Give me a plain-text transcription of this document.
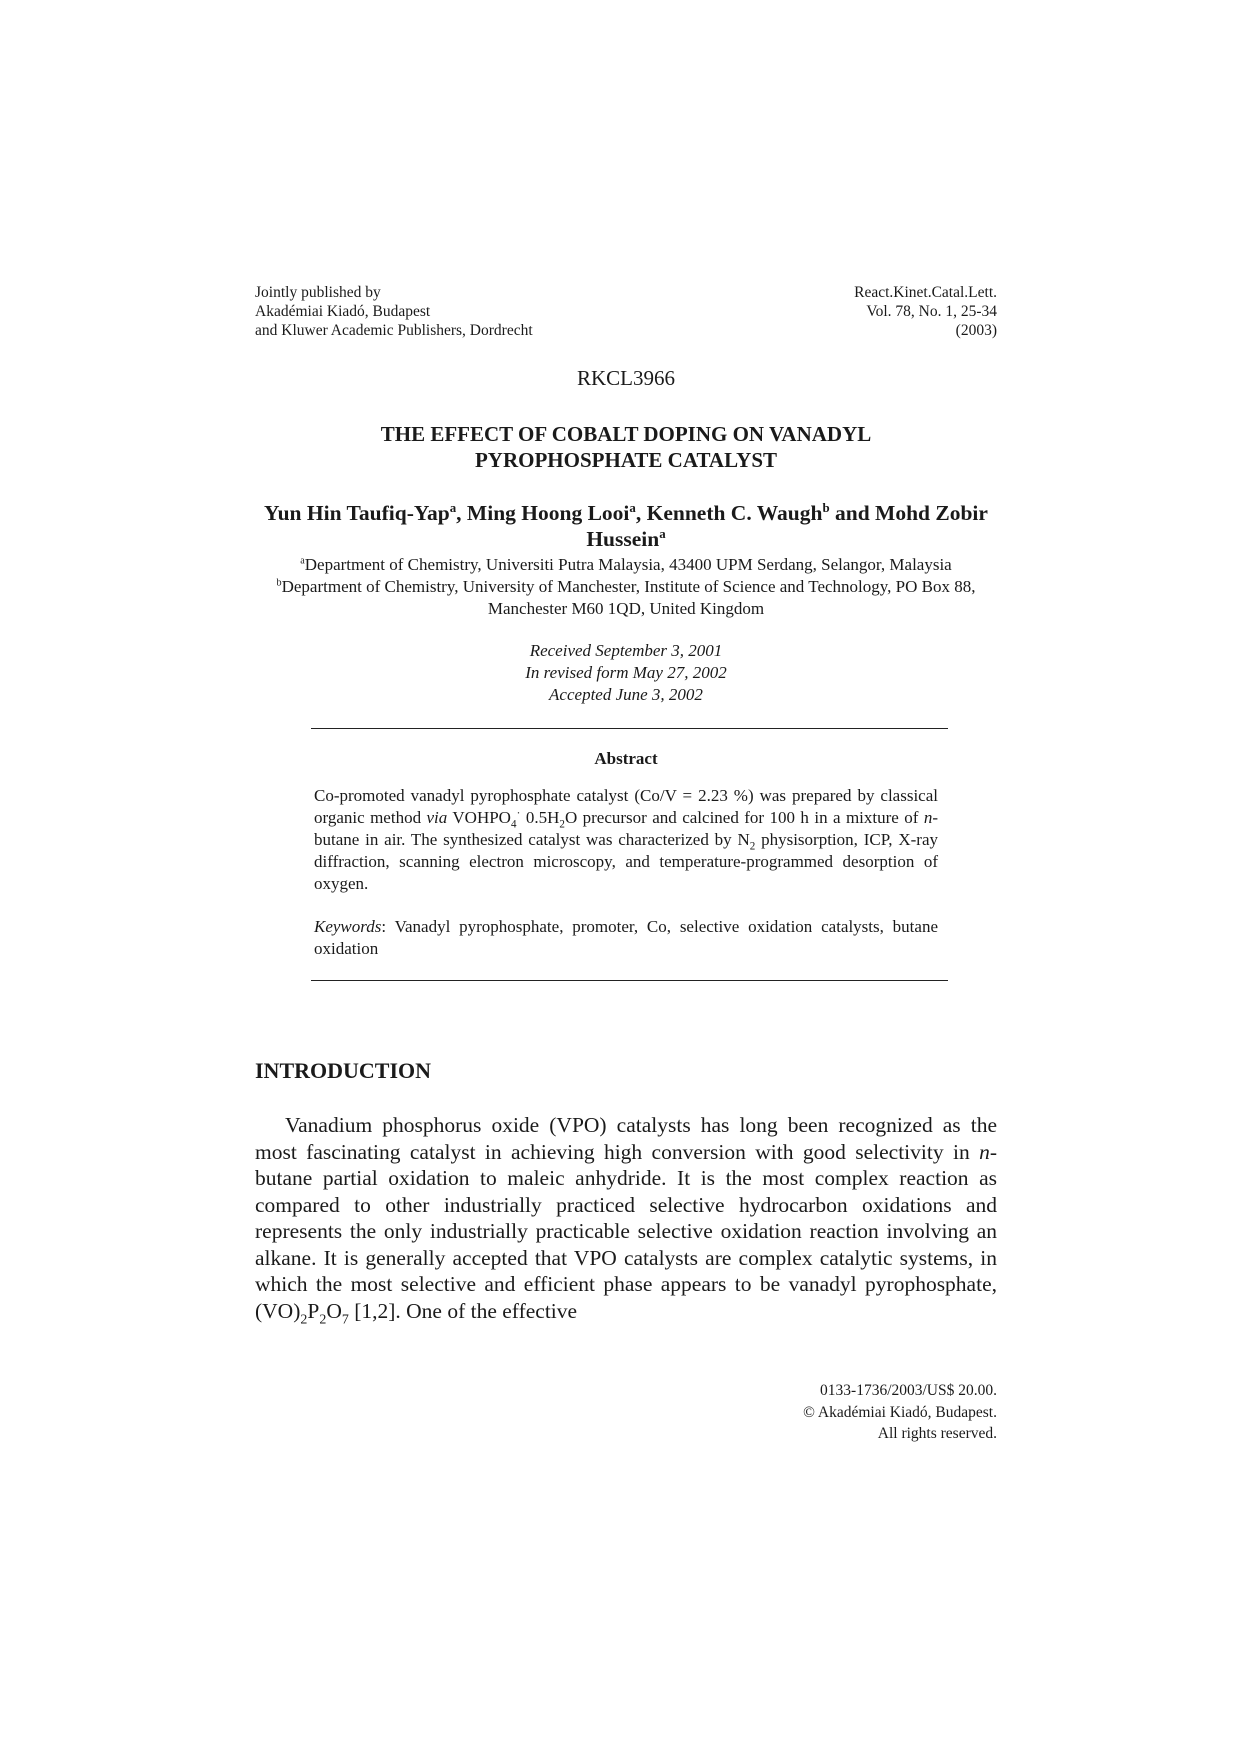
Jointly published by
Akadémiai Kiadó, Budapest
and Kluwer Academic Publishers, Dordrecht
React.Kinet.Catal.Lett.
Vol. 78, No. 1, 25-34
(2003)
RKCL3966
THE EFFECT OF COBALT DOPING ON VANADYL
PYROPHOSPHATE CATALYST
Yun Hin Taufiq-Yap$^a$, Ming Hoong Looi$^a$, Kenneth C. Waugh$^b$ and Mohd Zobir Hussein$^a$
$^a$Department of Chemistry, Universiti Putra Malaysia, 43400 UPM Serdang, Selangor, Malaysia
$^b$Department of Chemistry, University of Manchester, Institute of Science and Technology, PO Box 88, Manchester M60 1QD, United Kingdom
Received September 3, 2001
In revised form May 27, 2002
Accepted June 3, 2002
Abstract
Co-promoted vanadyl pyrophosphate catalyst (Co/V = 2.23 %) was prepared by classical organic method via $VOHPO_4^\cdot$ $0.5H_2O$ precursor and calcined for 100 h in a mixture of n-butane in air. The synthesized catalyst was characterized by $N_2$ physisorption, ICP, X-ray diffraction, scanning electron microscopy, and temperature-programmed desorption of oxygen.
Keywords: Vanadyl pyrophosphate, promoter, Co, selective oxidation catalysts, butane oxidation
INTRODUCTION
Vanadium phosphorus oxide (VPO) catalysts has long been recognized as the most fascinating catalyst in achieving high conversion with good selectivity in n-butane partial oxidation to maleic anhydride. It is the most complex reaction as compared to other industrially practiced selective hydrocarbon oxidations and represents the only industrially practicable selective oxidation reaction involving an alkane. It is generally accepted that VPO catalysts are complex catalytic systems, in which the most selective and efficient phase appears to be vanadyl pyrophosphate, $(VO)_2P_2O_7$ [1,2]. One of the effective
0133-1736/2003/US$ 20.00.
© Akadémiai Kiadó, Budapest.
All rights reserved.
